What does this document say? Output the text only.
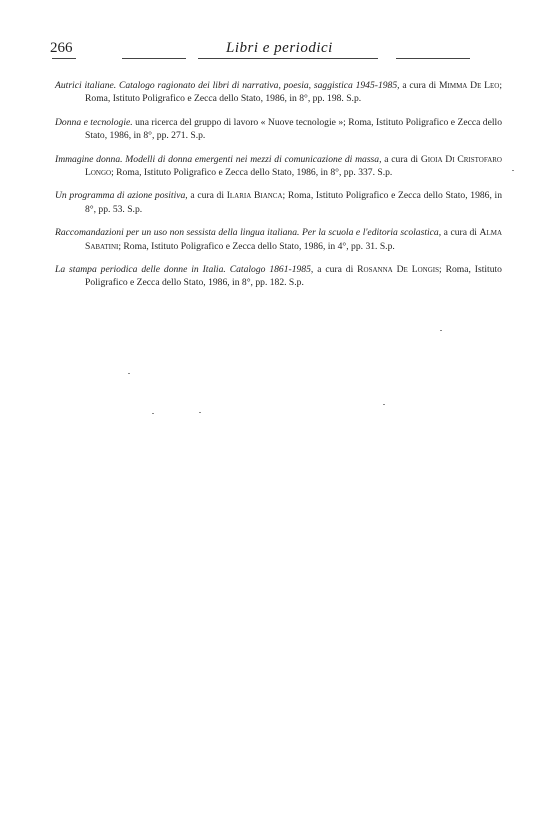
266	Libri e periodici

Autrici italiane. Catalogo ragionato dei libri di narrativa, poesia, saggistica 1945-1985, a cura di Mimma De Leo; Roma, Istituto Poligrafico e Zecca dello Stato, 1986, in 8°, pp. 198. S.p.

Donna e tecnologie. una ricerca del gruppo di lavoro « Nuove tecnologie »; Roma, Istituto Poligrafico e Zecca dello Stato, 1986, in 8°, pp. 271. S.p.

Immagine donna. Modelli di donna emergenti nei mezzi di comunicazione di massa, a cura di Gioia Di Cristofaro Longo; Roma, Istituto Poligrafico e Zecca dello Stato, 1986, in 8°, pp. 337. S.p.

Un programma di azione positiva, a cura di Ilaria Bianca; Roma, Istituto Poligrafico e Zecca dello Stato, 1986, in 8°, pp. 53. S.p.

Raccomandazioni per un uso non sessista della lingua italiana. Per la scuola e l'editoria scolastica, a cura di Alma Sabatini; Roma, Istituto Poligrafico e Zecca dello Stato, 1986, in 4°, pp. 31. S.p.

La stampa periodica delle donne in Italia. Catalogo 1861-1985, a cura di Rosanna De Longis; Roma, Istituto Poligrafico e Zecca dello Stato, 1986, in 8°, pp. 182. S.p.
